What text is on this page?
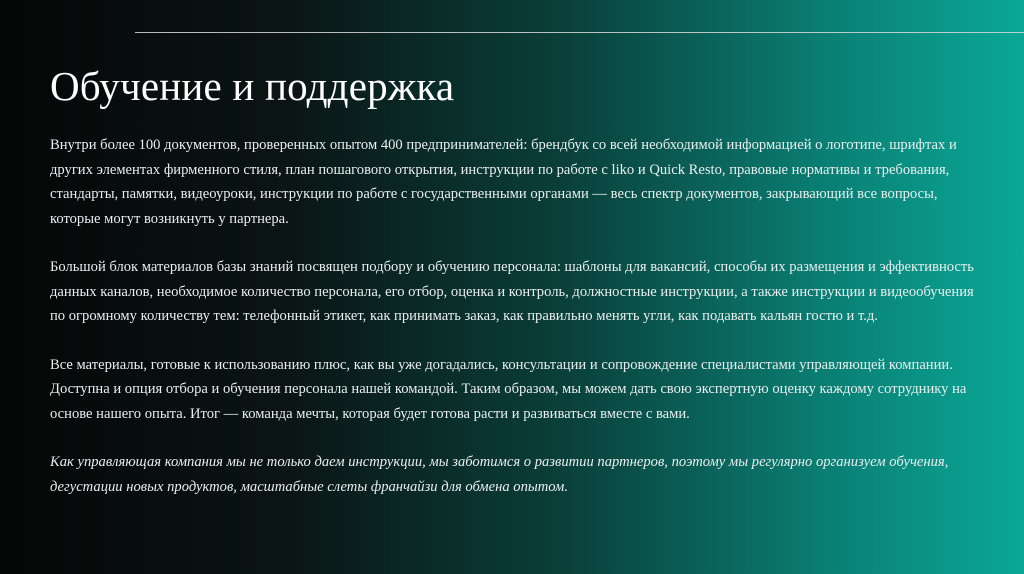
Обучение и поддержка

Внутри более 100 документов, проверенных опытом 400 предпринимателей: брендбук со всей необходимой информацией о логотипе, шрифтах и других элементах фирменного стиля, план пошагового открытия, инструкции по работе с liko и Quick Resto, правовые нормативы и требования, стандарты, памятки, видеоуроки, инструкции по работе с государственными органами — весь спектр документов, закрывающий все вопросы, которые могут возникнуть у партнера.

Большой блок материалов базы знаний посвящен подбору и обучению персонала: шаблоны для вакансий, способы их размещения и эффективность данных каналов, необходимое количество персонала, его отбор, оценка и контроль, должностные инструкции, а также инструкции и видеообучения по огромному количеству тем: телефонный этикет, как принимать заказ, как правильно менять угли, как подавать кальян гостю и т.д.

Все материалы, готовые к использованию плюс, как вы уже догадались, консультации и сопровождение специалистами управляющей компании. Доступна и опция отбора и обучения персонала нашей командой. Таким образом, мы можем дать свою экспертную оценку каждому сотруднику на основе нашего опыта. Итог — команда мечты, которая будет готова расти и развиваться вместе с вами.

Как управляющая компания мы не только даем инструкции, мы заботимся о развитии партнеров, поэтому мы регулярно организуем обучения, дегустации новых продуктов, масштабные слеты франчайзи для обмена опытом.
